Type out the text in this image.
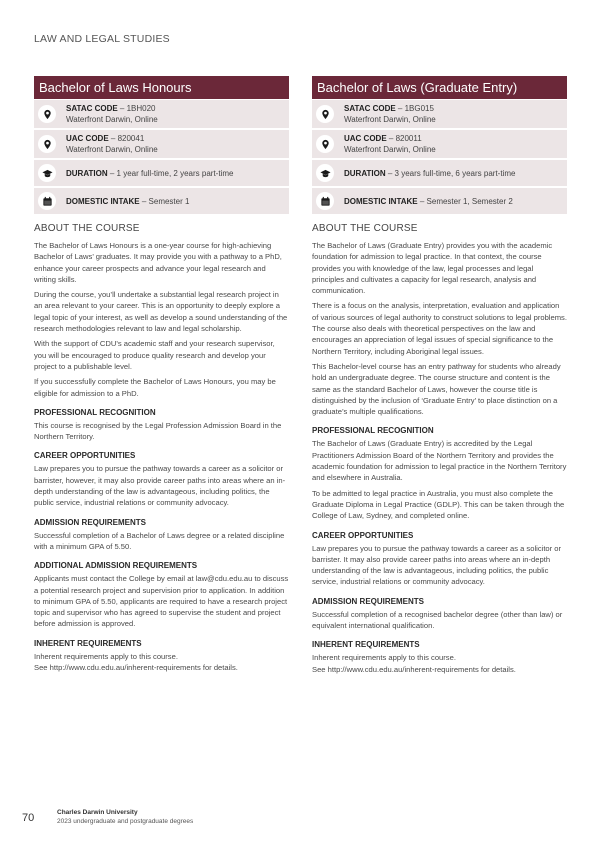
LAW AND LEGAL STUDIES
Bachelor of Laws Honours
SATAC CODE – 1BH020
Waterfront Darwin, Online
UAC CODE – 820041
Waterfront Darwin, Online
DURATION – 1 year full-time, 2 years part-time
DOMESTIC INTAKE – Semester 1
ABOUT THE COURSE

The Bachelor of Laws Honours is a one-year course for high-achieving Bachelor of Laws’ graduates. It may provide you with a pathway to a PhD, enhance your career prospects and advance your legal research and writing skills.

During the course, you’ll undertake a substantial legal research project in an area relevant to your career. This is an opportunity to deeply explore a legal topic of your interest, as well as develop a sound understanding of the research methodologies relevant to law and legal scholarship.

With the support of CDU’s academic staff and your research supervisor, you will be encouraged to produce quality research and develop your project to a publishable level.

If you successfully complete the Bachelor of Laws Honours, you may be eligible for admission to a PhD.

PROFESSIONAL RECOGNITION

This course is recognised by the Legal Profession Admission Board in the Northern Territory.

CAREER OPPORTUNITIES

Law prepares you to pursue the pathway towards a career as a solicitor or barrister, however, it may also provide career paths into areas where an in-depth understanding of the law is advantageous, including politics, the public service, industrial relations or community advocacy.

ADMISSION REQUIREMENTS

Successful completion of a Bachelor of Laws degree or a related discipline with a minimum GPA of 5.50.

ADDITIONAL ADMISSION REQUIREMENTS

Applicants must contact the College by email at law@cdu.edu.au to discuss a potential research project and supervision prior to application. In addition to minimum GPA of 5.50, applicants are required to have a research project topic and supervisor who has agreed to supervise the student and project before admission is approved.

INHERENT REQUIREMENTS

Inherent requirements apply to this course.

See http://www.cdu.edu.au/inherent-requirements for details.

Bachelor of Laws (Graduate Entry)
SATAC CODE – 1BG015
Waterfront Darwin, Online
UAC CODE – 820011
Waterfront Darwin, Online
DURATION – 3 years full-time, 6 years part-time
DOMESTIC INTAKE – Semester 1, Semester 2
ABOUT THE COURSE

The Bachelor of Laws (Graduate Entry) provides you with the academic foundation for admission to legal practice. In that context, the course provides you with knowledge of the law, legal processes and legal principles and cultivates a capacity for legal research, analysis and communication.

There is a focus on the analysis, interpretation, evaluation and application of various sources of legal authority to construct solutions to legal problems. The course also deals with theoretical perspectives on the law and encourages an appreciation of legal issues of special significance to the Northern Territory, including Aboriginal legal issues.

This Bachelor-level course has an entry pathway for students who already hold an undergraduate degree. The course structure and content is the same as the standard Bachelor of Laws, however the course title is distinguished by the inclusion of ‘Graduate Entry’ to place distinction on a graduate’s multiple qualifications.

PROFESSIONAL RECOGNITION

The Bachelor of Laws (Graduate Entry) is accredited by the Legal Practitioners Admission Board of the Northern Territory and provides the academic foundation for admission to legal practice in the Northern Territory and elsewhere in Australia.

To be admitted to legal practice in Australia, you must also complete the Graduate Diploma in Legal Practice (GDLP). This can be taken through the College of Law, Sydney, and completed online.

CAREER OPPORTUNITIES

Law prepares you to pursue the pathway towards a career as a solicitor or barrister. It may also provide career paths into areas where an in-depth understanding of the law is advantageous, including politics, the public service, industrial relations or community advocacy.

ADMISSION REQUIREMENTS

Successful completion of a recognised bachelor degree (other than law) or equivalent international qualification.

INHERENT REQUIREMENTS

Inherent requirements apply to this course.

See http://www.cdu.edu.au/inherent-requirements for details.

70	Charles Darwin University
2023 undergraduate and postgraduate degrees
